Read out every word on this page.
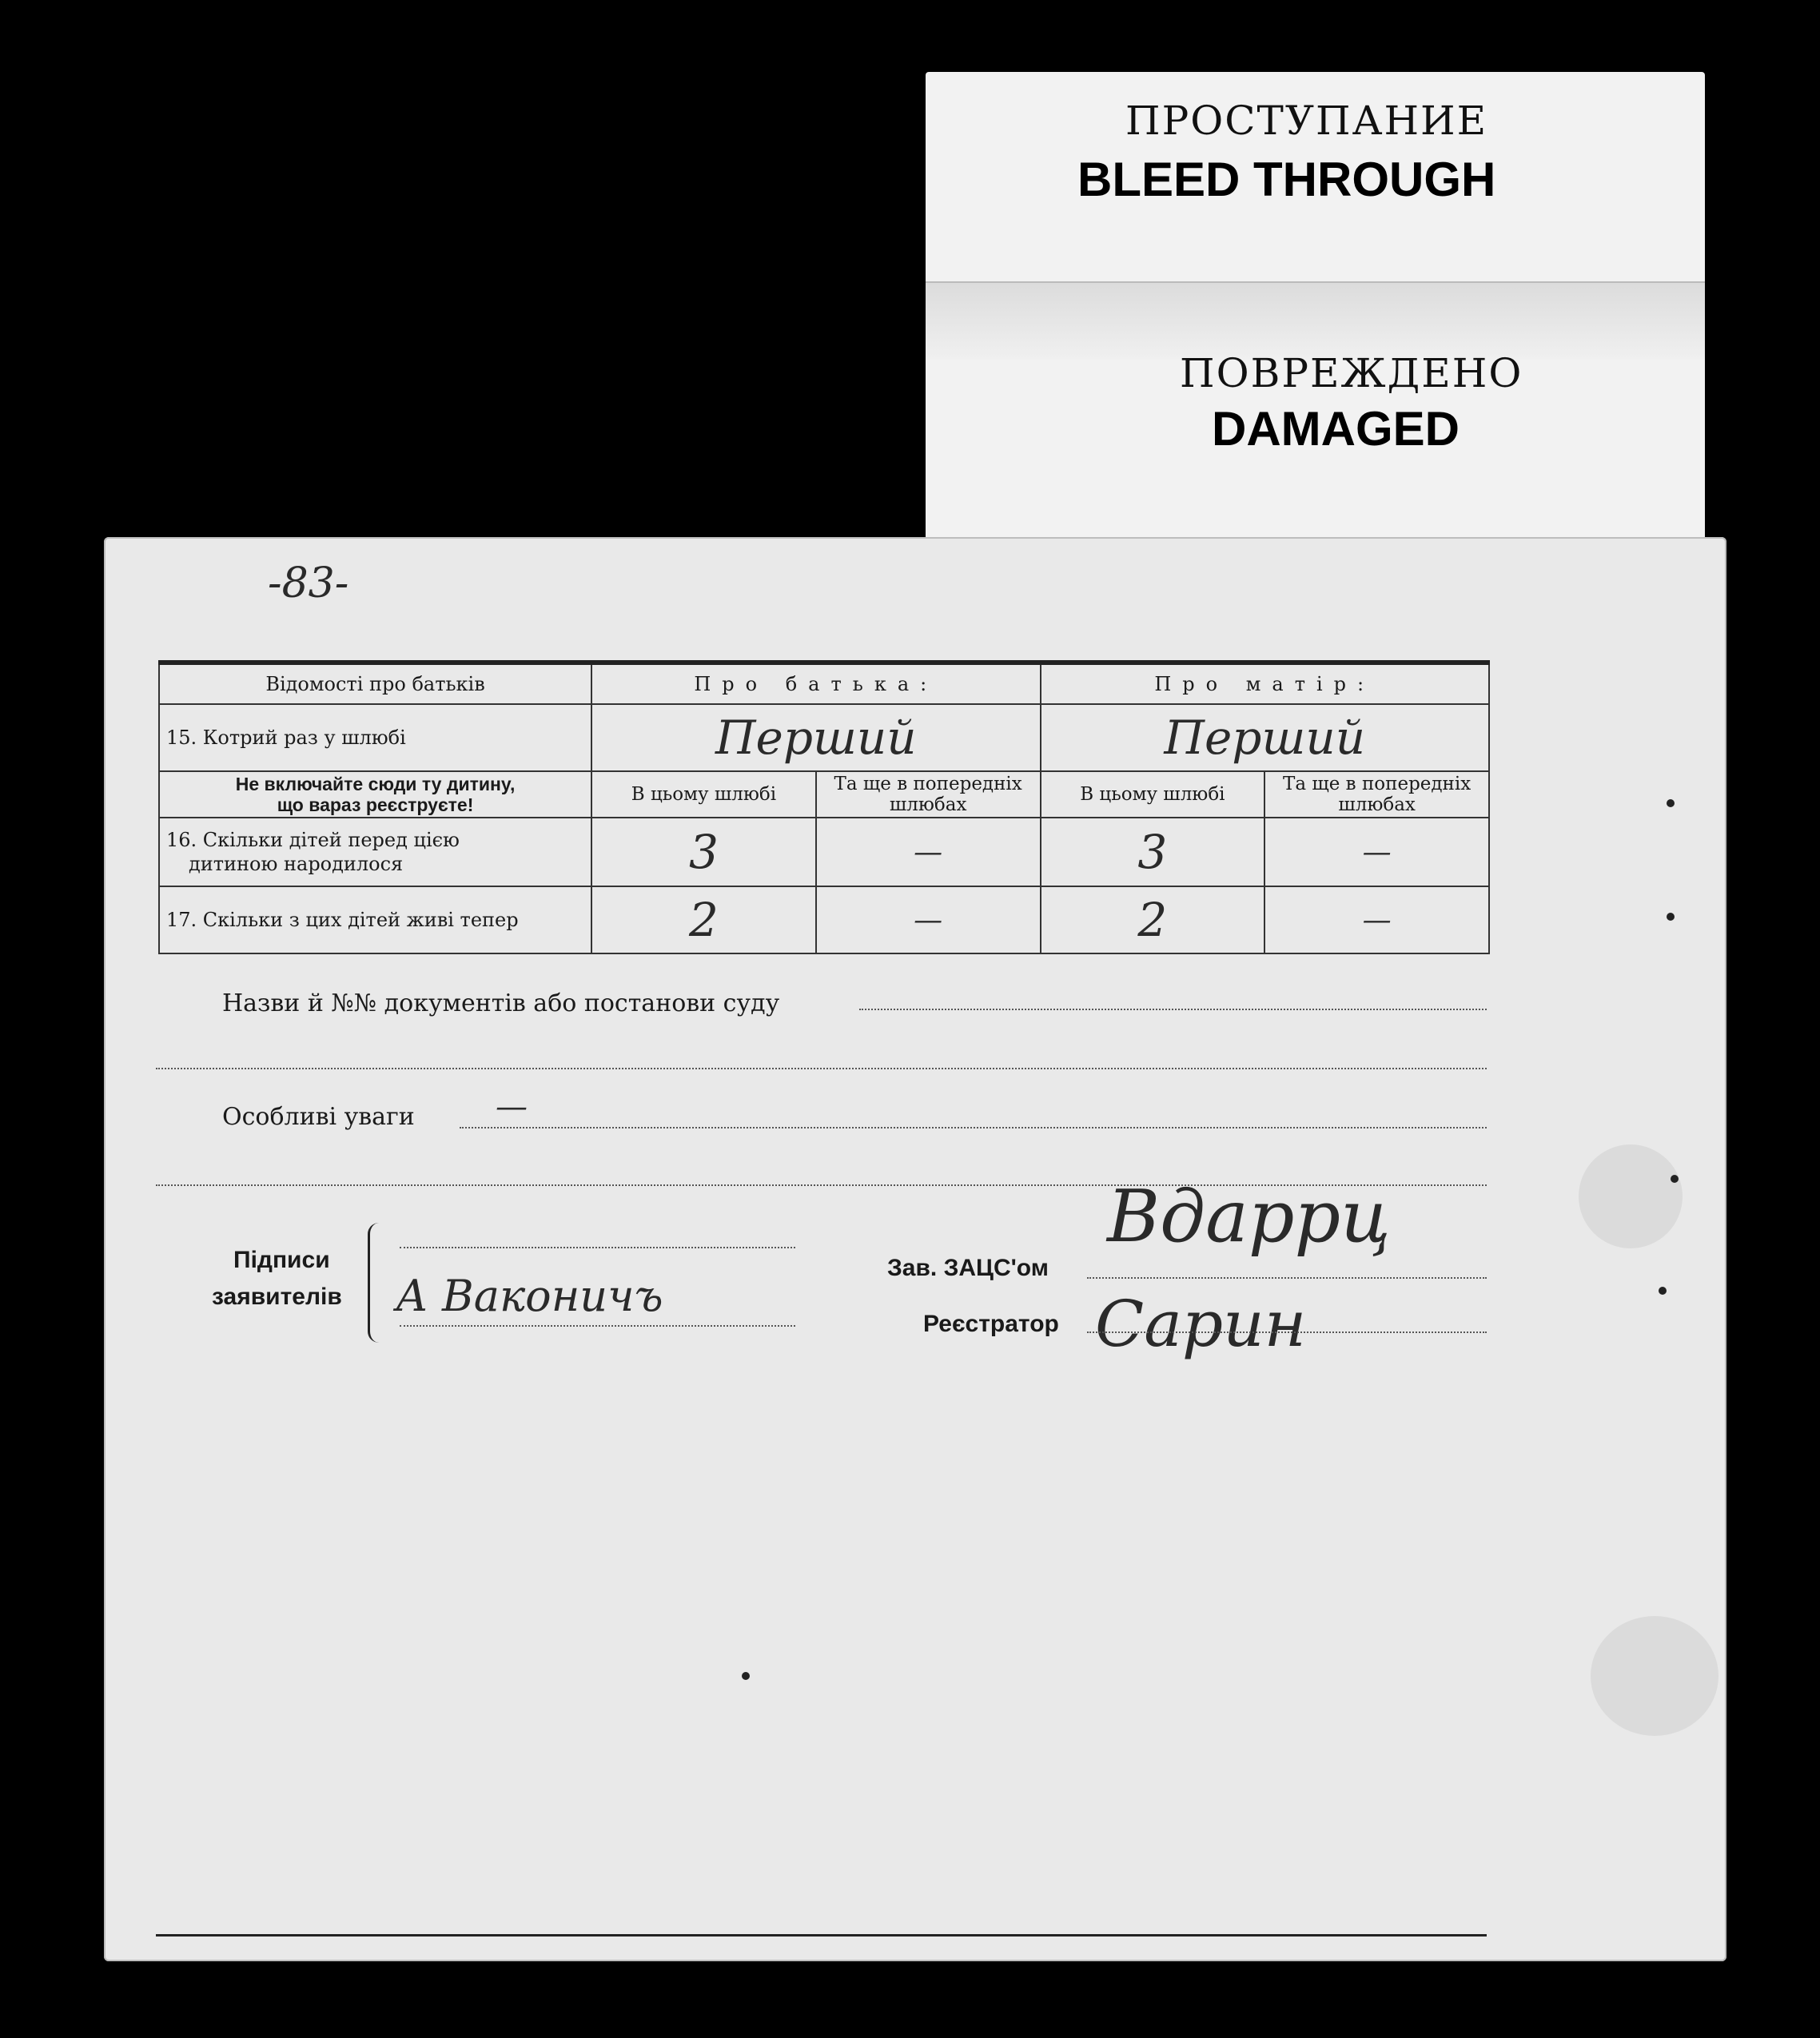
ПРОСТУПАНИЕ
BLEED THROUGH
ПОВРЕЖДЕНО
DAMAGED
-83-
Відомості про батьків	Про батька:		Про матір:	
15. Котрий раз у шлюбі	Перший		Перший	

Не включайте сюди ту дитину,
що вараз реєструєте!	В цьому шлюбі	Та ще в попередніх шлюбах	В цьому шлюбі	Та ще в попередніх шлюбах

16. Скільки дітей перед цією
дитиною народилося	3	—	3	—
17. Скільки з цих дітей живі тепер	2	—	2	—
Назви й №№ документів або постанови суду
Особливі уваги	—
Підписи
заявителів А Ваконичъ
Зав. ЗАЦС'ом
Вдаррц
Реєстратор Сарин
